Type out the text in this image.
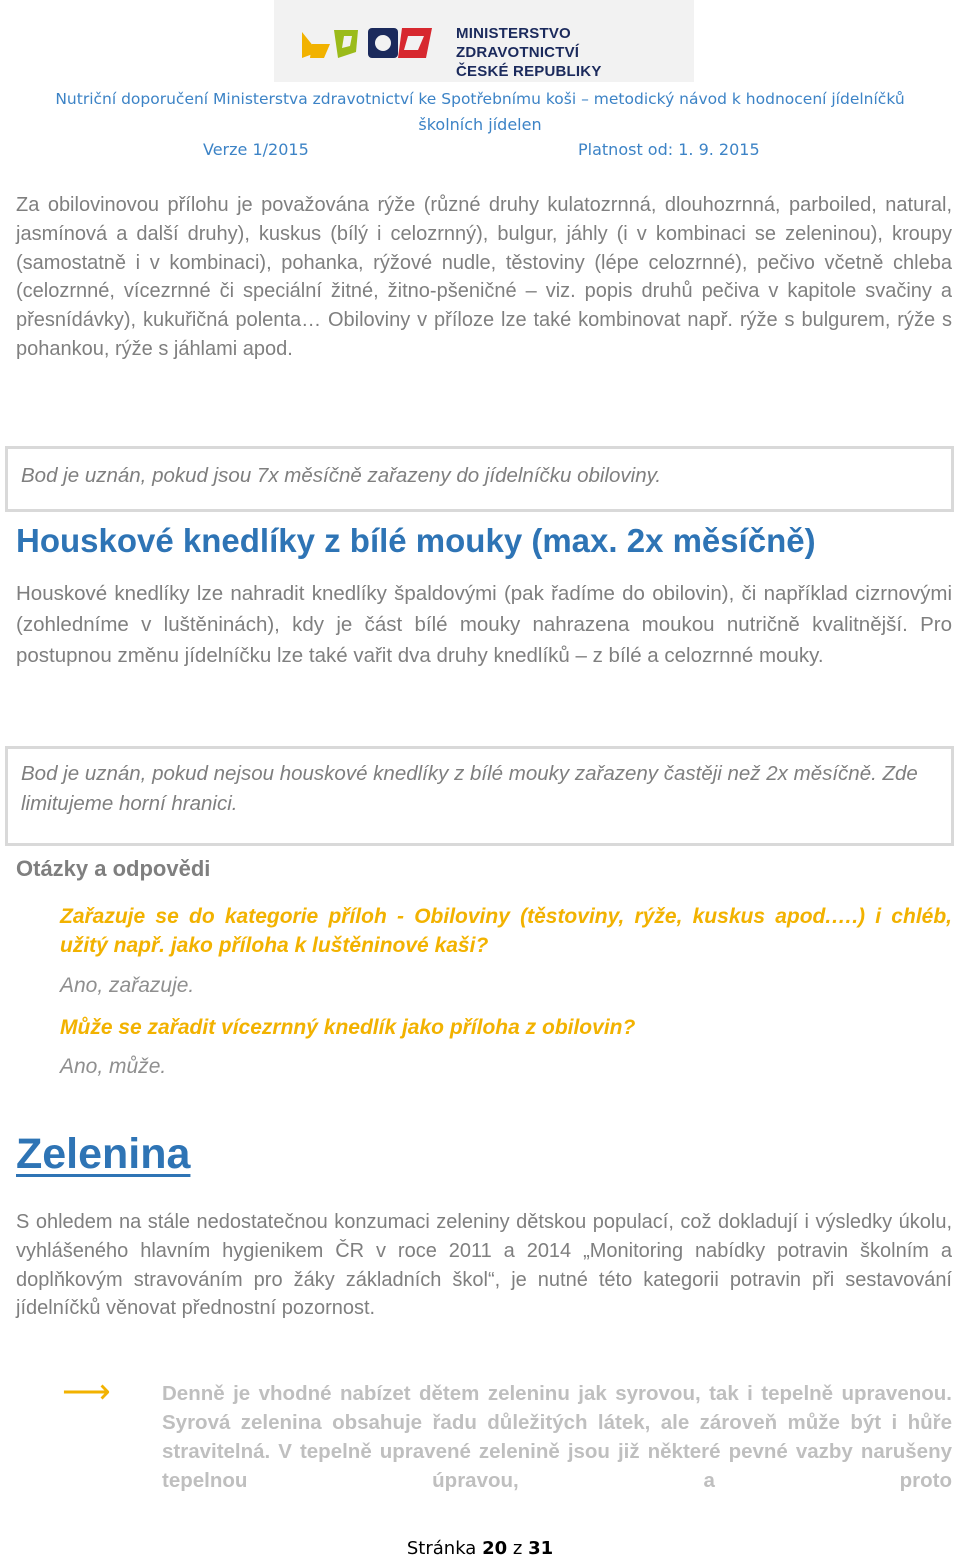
MINISTERSTVO ZDRAVOTNICTVÍ
ČESKÉ REPUBLIKY
Nutriční doporučení Ministerstva zdravotnictví ke Spotřebnímu koši – metodický návod k hodnocení jídelníčků
školních jídelen
Verze 1/2015	Platnost od: 1. 9. 2015
Za obilovinovou přílohu je považována rýže (různé druhy kulatozrnná, dlouhozrnná, parboiled, natural, jasmínová a další druhy), kuskus (bílý i celozrnný), bulgur, jáhly (i v kombinaci se zeleninou), kroupy (samostatně i v kombinaci), pohanka, rýžové nudle, těstoviny (lépe celozrnné), pečivo včetně chleba (celozrnné, vícezrnné či speciální žitné, žitno-pšeničné – viz. popis druhů pečiva v kapitole svačiny a přesnídávky), kukuřičná polenta… Obiloviny v příloze lze také kombinovat např. rýže s bulgurem, rýže s pohankou, rýže s jáhlami apod.
Bod je uznán, pokud jsou 7x měsíčně zařazeny do jídelníčku obiloviny.
Houskové knedlíky z bílé mouky (max. 2x měsíčně)
Houskové knedlíky lze nahradit knedlíky špaldovými (pak řadíme do obilovin), či například cizrnovými (zohledníme v luštěninách), kdy je část bílé mouky nahrazena moukou nutričně kvalitnější. Pro postupnou změnu jídelníčku lze také vařit dva druhy knedlíků – z bílé a celozrnné mouky.
Bod je uznán, pokud nejsou houskové knedlíky z bílé mouky zařazeny častěji než 2x měsíčně. Zde limitujeme horní hranici.
Otázky a odpovědi
Zařazuje se do kategorie příloh - Obiloviny (těstoviny, rýže, kuskus apod.….) i chléb, užitý např. jako příloha k luštěninové kaši?
Ano, zařazuje.
Může se zařadit vícezrnný knedlík jako příloha z obilovin?
Ano, může.
Zelenina
S ohledem na stále nedostatečnou konzumaci zeleniny dětskou populací, což dokladují i výsledky úkolu, vyhlášeného hlavním hygienikem ČR v roce 2011 a 2014 „Monitoring nabídky potravin školním a doplňkovým stravováním pro žáky základních škol“, je nutné této kategorii potravin při sestavování jídelníčků věnovat přednostní pozornost.
⟶	Denně je vhodné nabízet dětem zeleninu jak syrovou, tak i tepelně upravenou. Syrová zelenina obsahuje řadu důležitých látek, ale zároveň může být i hůře stravitelná. V tepelně upravené zelenině jsou již některé pevné vazby narušeny tepelnou úpravou, a proto
Stránka 20 z 31
